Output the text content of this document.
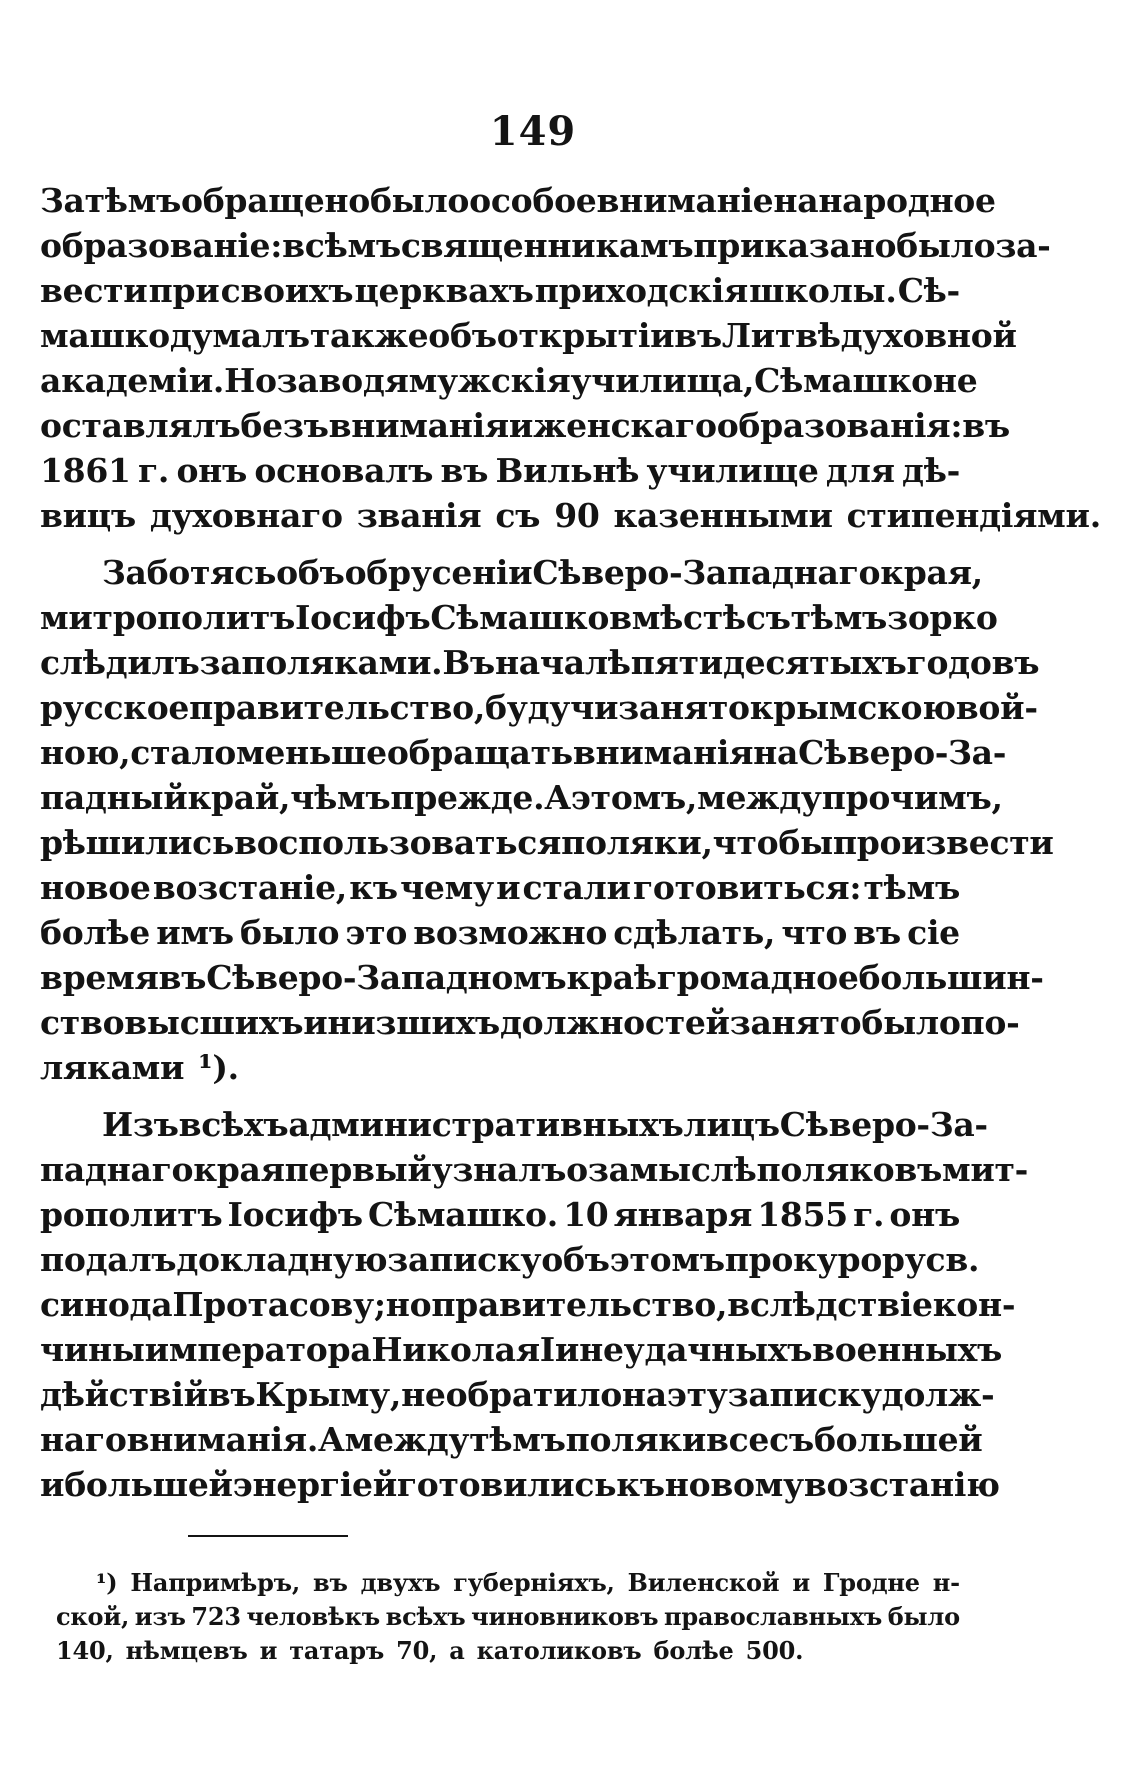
149
Затѣмъ обращено было особое вниманіе на народное
образованіе: всѣмъ священникамъ приказано было за-
вести при своихъ церквахъ приходскія школы. Сѣ-
машко думалъ также объ открытіи въ Литвѣ духовной
академіи. Но заводя мужскія училища, Сѣмашко не
оставлялъ безъ вниманія и женскаго образованія: въ
1861 г. онъ основалъ въ Вильнѣ училище для дѣ-
вицъ духовнаго званія съ 90 казенными стипендіями.
Заботясь объ обрусеніи Сѣверо-Западнаго края,
митрополитъ Іосифъ Сѣмашко вмѣстѣ съ тѣмъ зорко
слѣдилъ за поляками. Въ началѣ пятидесятыхъ годовъ
русское правительство, будучи занято крымскою вой-
ною, стало меньше обращать вниманія на Сѣверо-За-
падный край, чѣмъ прежде. А этомъ, между прочимъ,
рѣшились воспользоваться поляки, чтобы произвести
новое возстаніе, къ чему и стали готовиться: тѣмъ
болѣе имъ было это возможно сдѣлать, что въ сіе
время въ Сѣверо-Западномъ краѣ громадное большин-
ство высшихъ и низшихъ должностей занято было по-
ляками ¹).
Изъ всѣхъ административныхъ лицъ Сѣверо-За-
паднаго края первый узналъ о замыслѣ поляковъ мит-
рополитъ Іосифъ Сѣмашко. 10 января 1855 г. онъ
подалъ докладную записку объ этомъ прокурору св.
синода Протасову; но правительство, вслѣдствіе кон-
чины императора Николая I и неудачныхъ военныхъ
дѣйствій въ Крыму, не обратило на эту записку долж-
наго вниманія. А между тѣмъ поляки все съ большей
и большей энергіей готовились къ новому возстанію
¹) Напримѣръ, въ двухъ губерніяхъ, Виленской и Гродне н-
ской, изъ 723 человѣкъ всѣхъ чиновниковъ православныхъ было
140, нѣмцевъ и татаръ 70, а католиковъ болѣе 500.
